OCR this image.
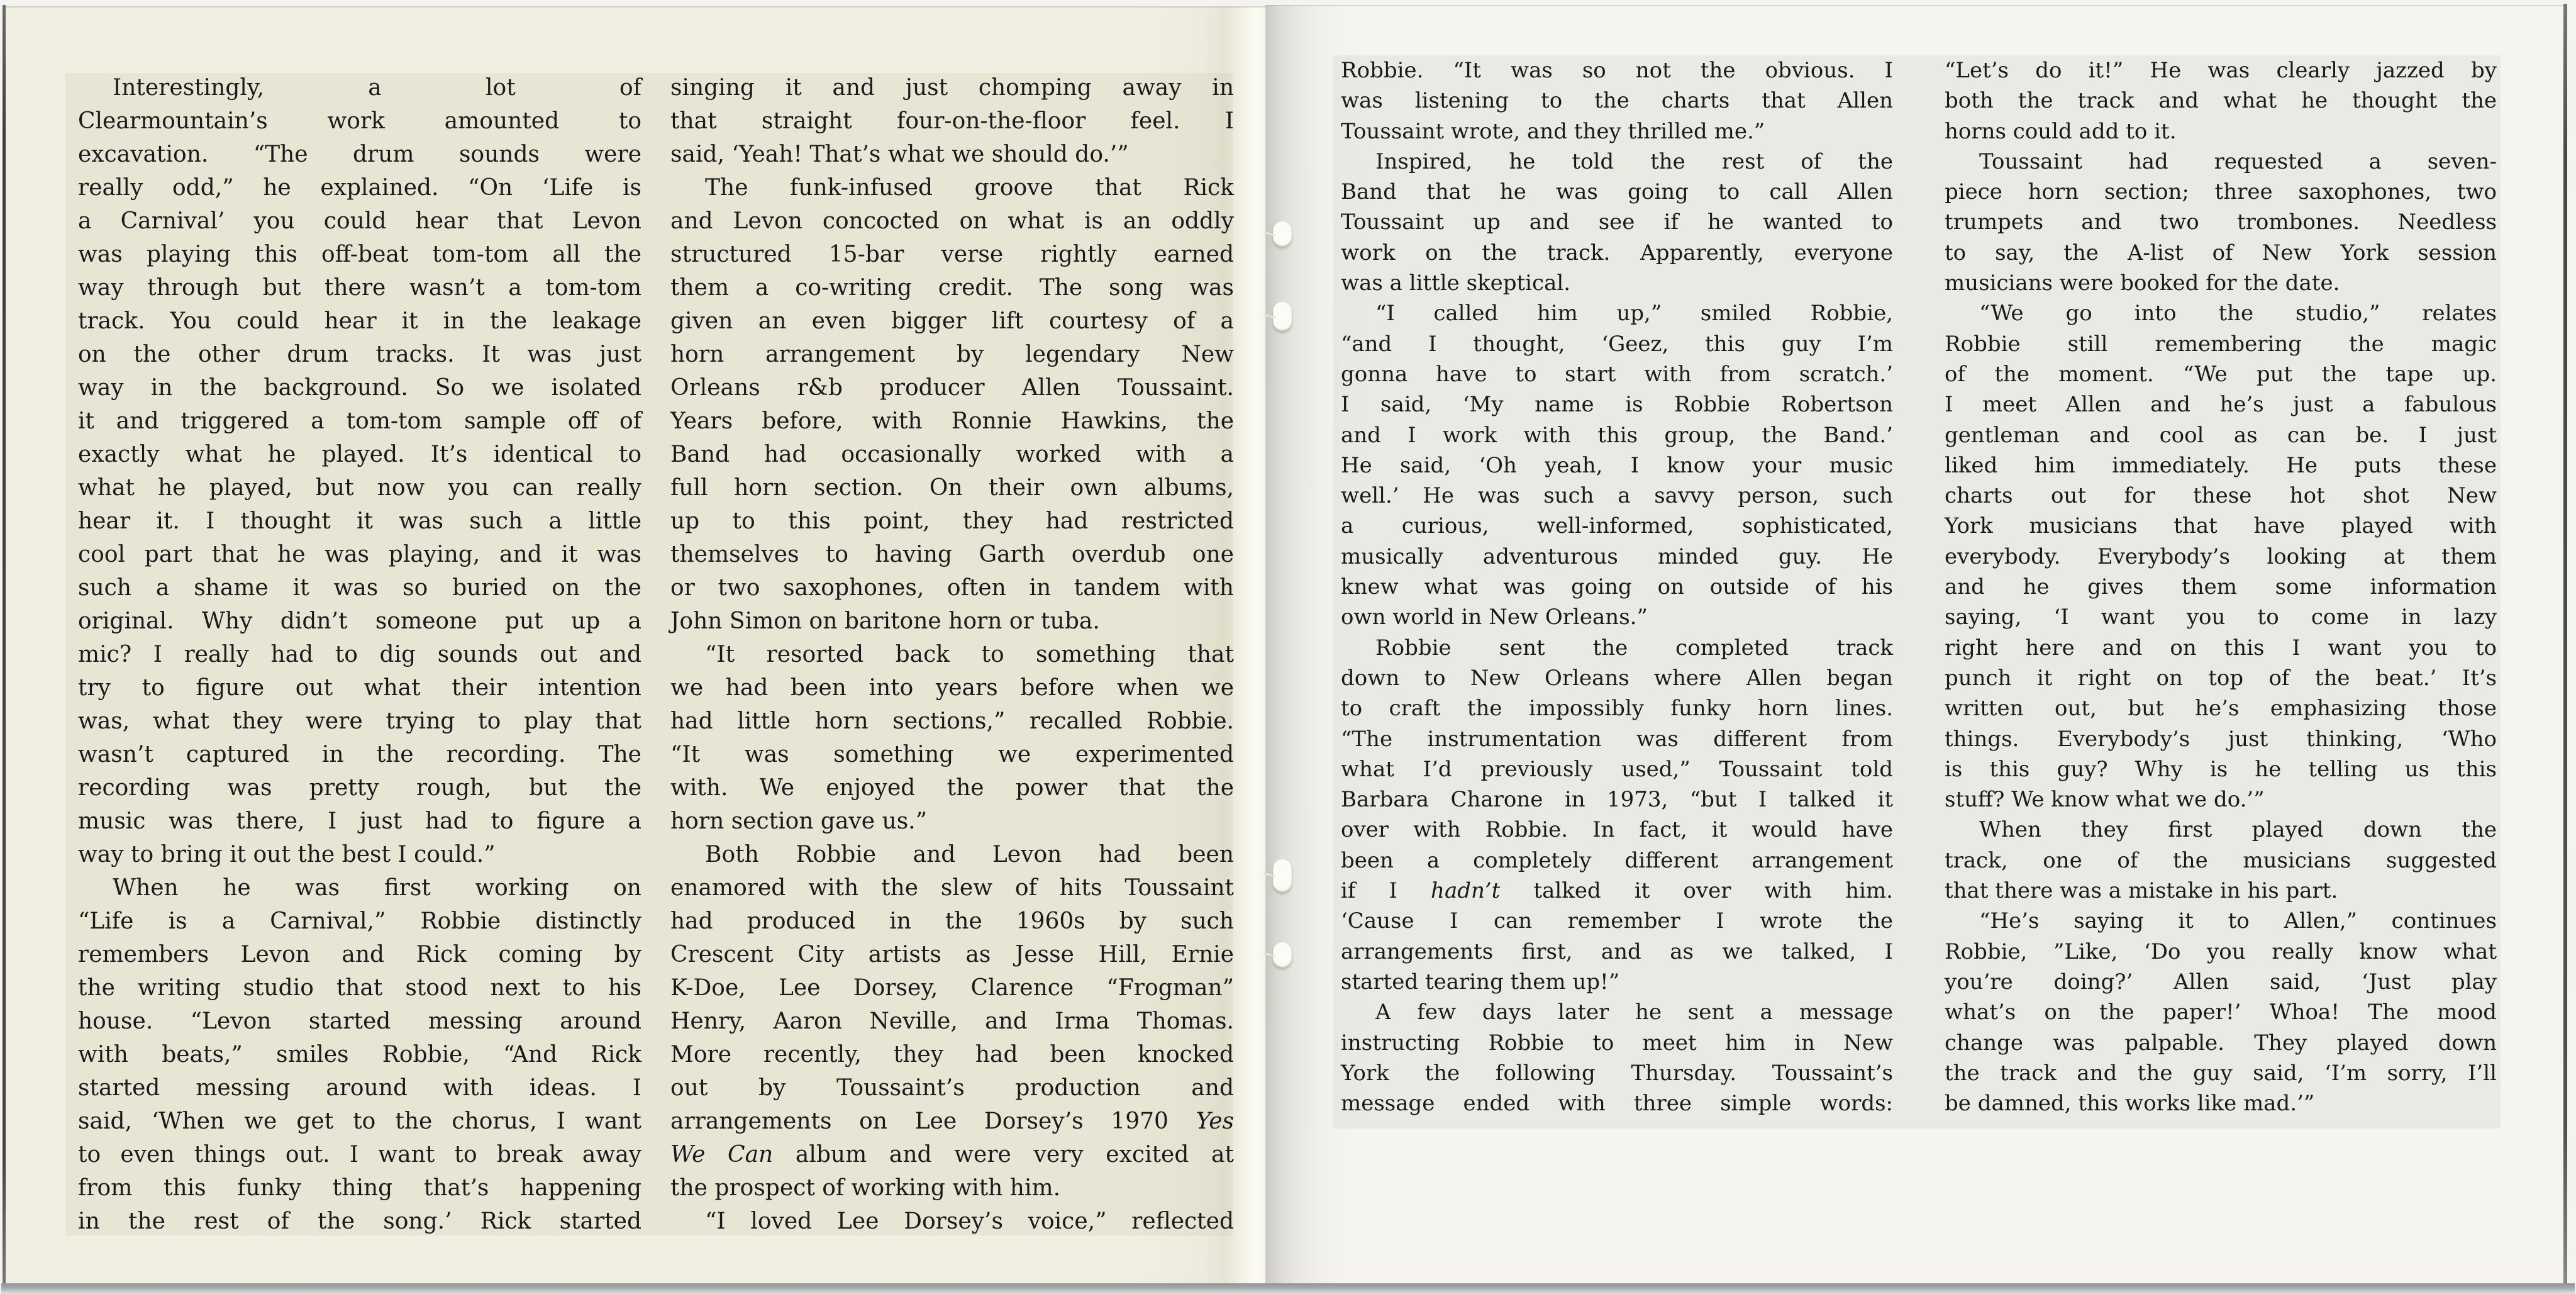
Interestingly, a lot of
Clearmountain’s work amounted to
excavation. “The drum sounds were
really odd,” he explained. “On ‘Life is
a Carnival’ you could hear that Levon
was playing this off-beat tom-tom all the
way through but there wasn’t a tom-tom
track. You could hear it in the leakage
on the other drum tracks. It was just
way in the background. So we isolated
it and triggered a tom-tom sample off of
exactly what he played. It’s identical to
what he played, but now you can really
hear it. I thought it was such a little
cool part that he was playing, and it was
such a shame it was so buried on the
original. Why didn’t someone put up a
mic? I really had to dig sounds out and
try to figure out what their intention
was, what they were trying to play that
wasn’t captured in the recording. The
recording was pretty rough, but the
music was there, I just had to figure a
way to bring it out the best I could.”
When he was first working on
“Life is a Carnival,” Robbie distinctly
remembers Levon and Rick coming by
the writing studio that stood next to his
house. “Levon started messing around
with beats,” smiles Robbie, “And Rick
started messing around with ideas. I
said, ‘When we get to the chorus, I want
to even things out. I want to break away
from this funky thing that’s happening
in the rest of the song.’ Rick started
singing it and just chomping away in
that straight four-on-the-floor feel. I
said, ‘Yeah! That’s what we should do.’”
The funk-infused groove that Rick
and Levon concocted on what is an oddly
structured 15-bar verse rightly earned
them a co-writing credit. The song was
given an even bigger lift courtesy of a
horn arrangement by legendary New
Orleans r&b producer Allen Toussaint.
Years before, with Ronnie Hawkins, the
Band had occasionally worked with a
full horn section. On their own albums,
up to this point, they had restricted
themselves to having Garth overdub one
or two saxophones, often in tandem with
John Simon on baritone horn or tuba.
“It resorted back to something that
we had been into years before when we
had little horn sections,” recalled Robbie.
“It was something we experimented
with. We enjoyed the power that the
horn section gave us.”
Both Robbie and Levon had been
enamored with the slew of hits Toussaint
had produced in the 1960s by such
Crescent City artists as Jesse Hill, Ernie
K-Doe, Lee Dorsey, Clarence “Frogman”
Henry, Aaron Neville, and Irma Thomas.
More recently, they had been knocked
out by Toussaint’s production and
arrangements on Lee Dorsey’s 1970 Yes
We Can album and were very excited at
the prospect of working with him.
“I loved Lee Dorsey’s voice,” reflected
Robbie. “It was so not the obvious. I
was listening to the charts that Allen
Toussaint wrote, and they thrilled me.”
Inspired, he told the rest of the
Band that he was going to call Allen
Toussaint up and see if he wanted to
work on the track. Apparently, everyone
was a little skeptical.
“I called him up,” smiled Robbie,
“and I thought, ‘Geez, this guy I’m
gonna have to start with from scratch.’
I said, ‘My name is Robbie Robertson
and I work with this group, the Band.’
He said, ‘Oh yeah, I know your music
well.’ He was such a savvy person, such
a curious, well-informed, sophisticated,
musically adventurous minded guy. He
knew what was going on outside of his
own world in New Orleans.”
Robbie sent the completed track
down to New Orleans where Allen began
to craft the impossibly funky horn lines.
“The instrumentation was different from
what I’d previously used,” Toussaint told
Barbara Charone in 1973, “but I talked it
over with Robbie. In fact, it would have
been a completely different arrangement
if I hadn’t talked it over with him.
‘Cause I can remember I wrote the
arrangements first, and as we talked, I
started tearing them up!”
A few days later he sent a message
instructing Robbie to meet him in New
York the following Thursday. Toussaint’s
message ended with three simple words:
“Let’s do it!” He was clearly jazzed by
both the track and what he thought the
horns could add to it.
Toussaint had requested a seven-
piece horn section; three saxophones, two
trumpets and two trombones. Needless
to say, the A-list of New York session
musicians were booked for the date.
“We go into the studio,” relates
Robbie still remembering the magic
of the moment. “We put the tape up.
I meet Allen and he’s just a fabulous
gentleman and cool as can be. I just
liked him immediately. He puts these
charts out for these hot shot New
York musicians that have played with
everybody. Everybody’s looking at them
and he gives them some information
saying, ‘I want you to come in lazy
right here and on this I want you to
punch it right on top of the beat.’ It’s
written out, but he’s emphasizing those
things. Everybody’s just thinking, ‘Who
is this guy? Why is he telling us this
stuff? We know what we do.’”
When they first played down the
track, one of the musicians suggested
that there was a mistake in his part.
“He’s saying it to Allen,” continues
Robbie, ”Like, ‘Do you really know what
you’re doing?’ Allen said, ‘Just play
what’s on the paper!’ Whoa! The mood
change was palpable. They played down
the track and the guy said, ‘I’m sorry, I’ll
be damned, this works like mad.’”
